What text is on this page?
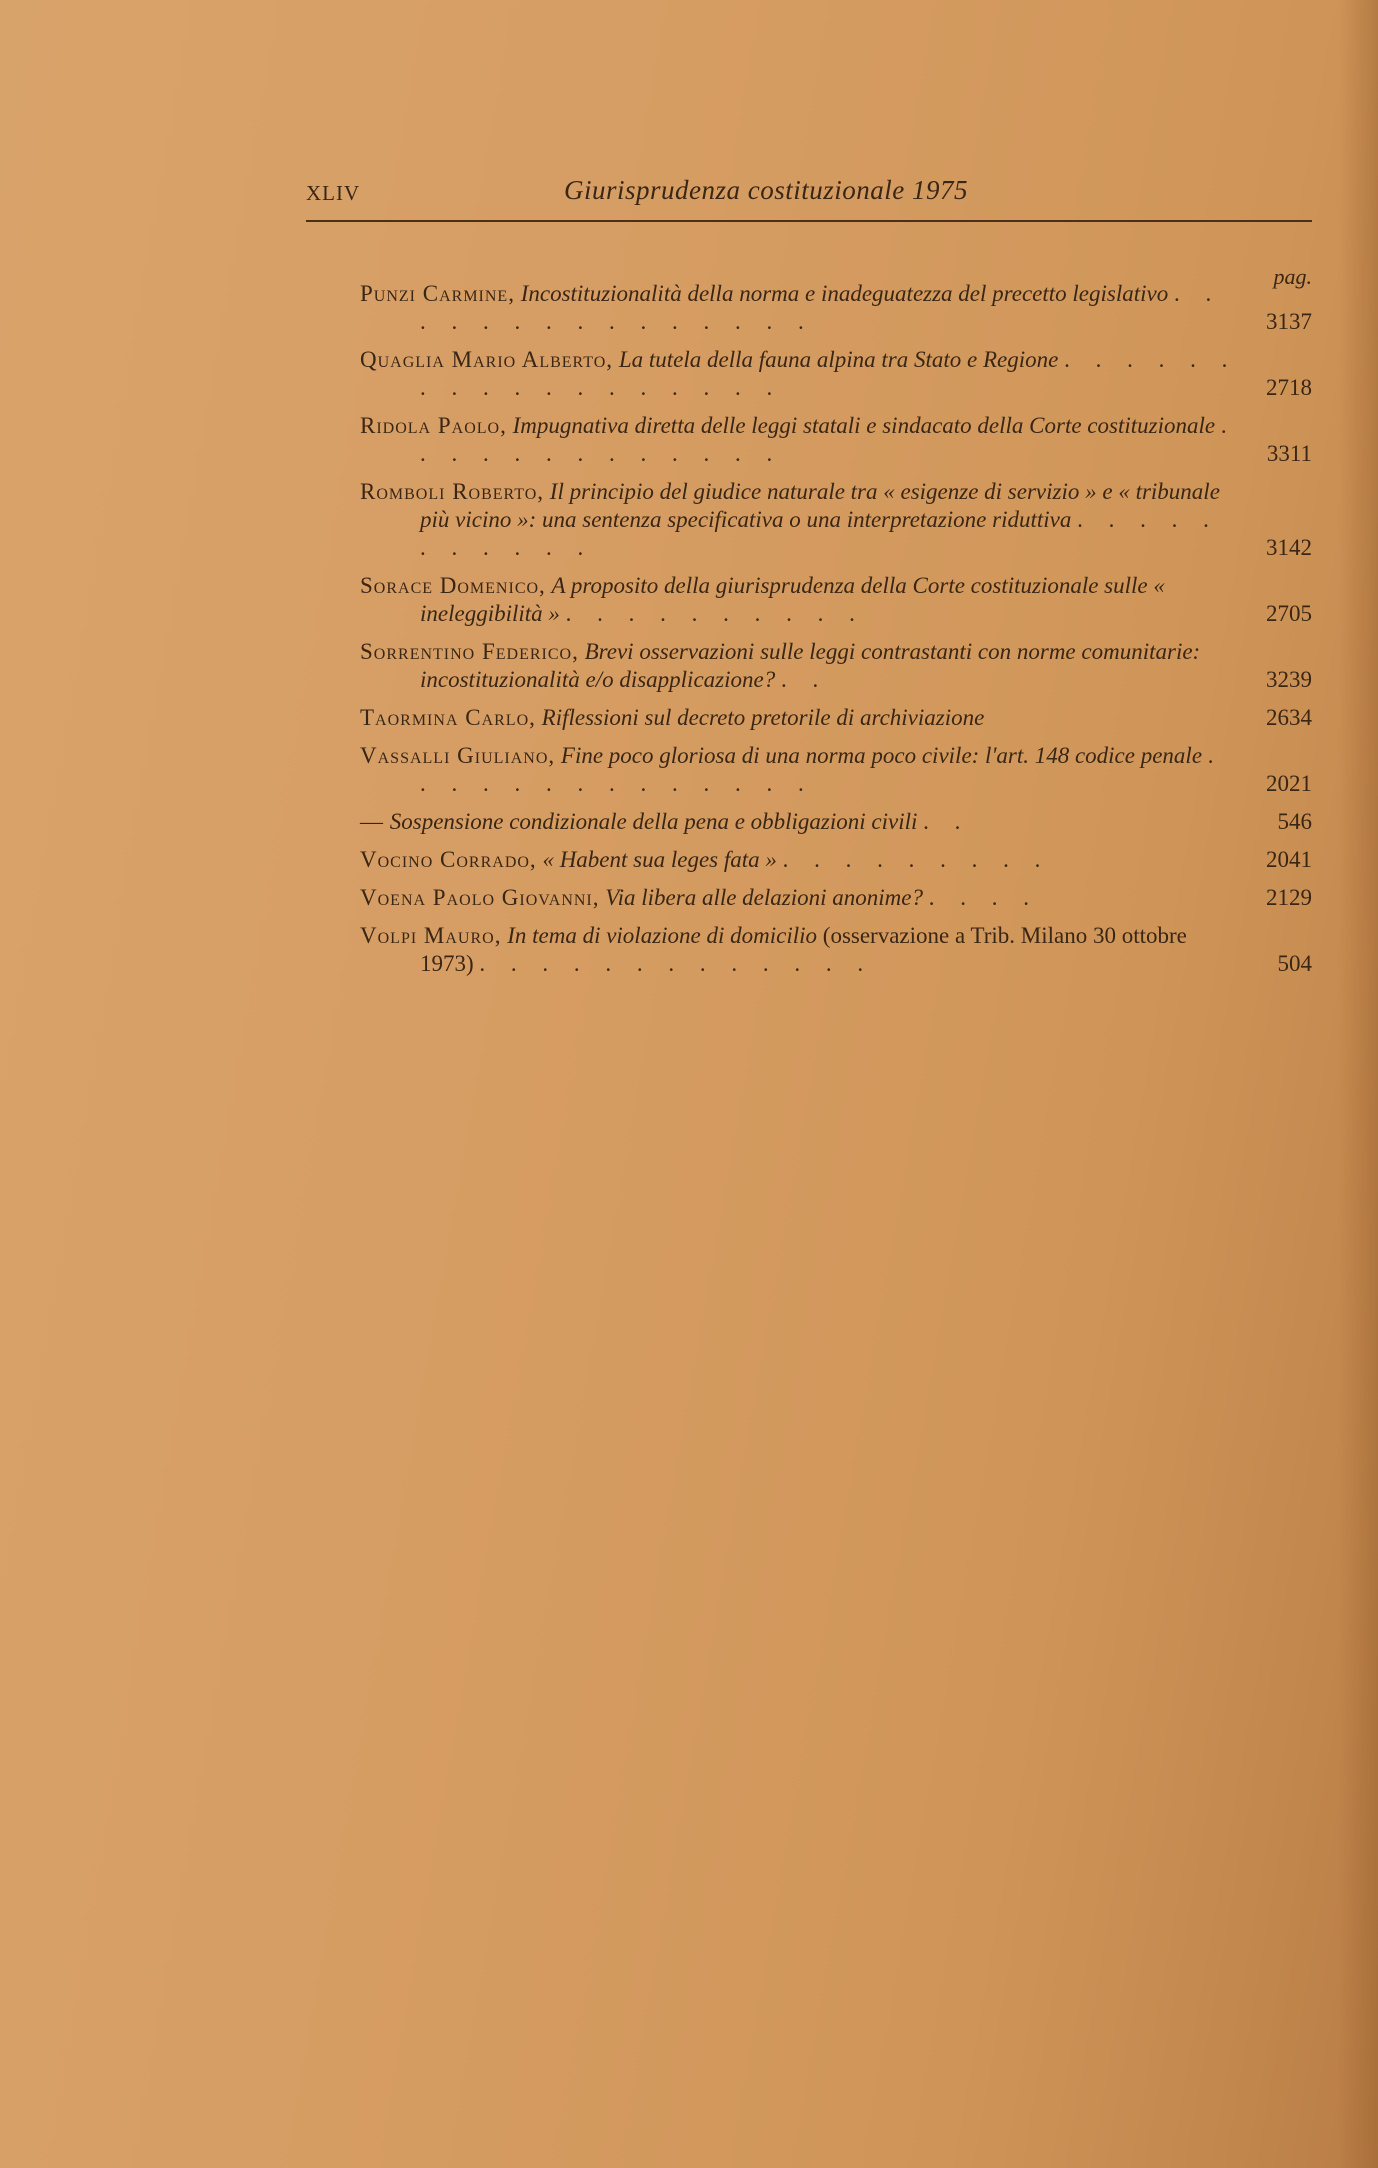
XLIV	Giurisprudenza costituzionale 1975
pag.
Punzi Carmine, Incostituzionalità della norma e inadeguatezza del precetto legislativo . . . . . . . . . . . . . . .	3137
Quaglia Mario Alberto, La tutela della fauna alpina tra Stato e Regione . . . . . . . . . . . . . . . . . .	2718
Ridola Paolo, Impugnativa diretta delle leggi statali e sindacato della Corte costituzionale . . . . . . . . . . . . .	3311
Romboli Roberto, Il principio del giudice naturale tra « esigenze di servizio » e « tribunale più vicino »: una sentenza specificativa o una interpretazione riduttiva . . . . . . . . . . .	3142
Sorace Domenico, A proposito della giurisprudenza della Corte costituzionale sulle « ineleggibilità » . . . . . . . . . .	2705
Sorrentino Federico, Brevi osservazioni sulle leggi contrastanti con norme comunitarie: incostituzionalità e/o disapplicazione? . .	3239
Taormina Carlo, Riflessioni sul decreto pretorile di archiviazione	2634
Vassalli Giuliano, Fine poco gloriosa di una norma poco civile: l'art. 148 codice penale . . . . . . . . . . . . . .	2021
— Sospensione condizionale della pena e obbligazioni civili . .	546
Vocino Corrado, « Habent sua leges fata » . . . . . . . . .	2041
Voena Paolo Giovanni, Via libera alle delazioni anonime? . . . .	2129
Volpi Mauro, In tema di violazione di domicilio (osservazione a Trib. Milano 30 ottobre 1973) . . . . . . . . . . . . .	504
